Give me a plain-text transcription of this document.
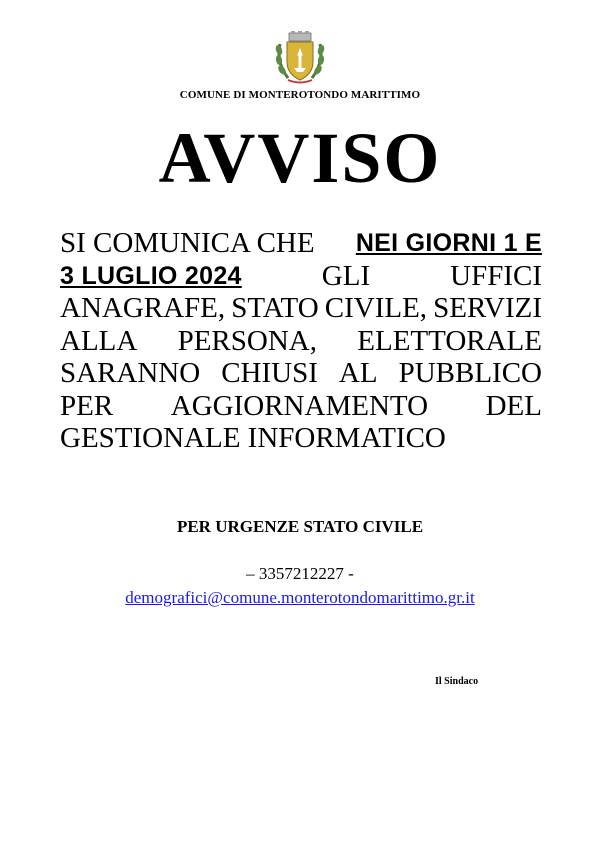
COMUNE DI MONTEROTONDO MARITTIMO
AVVISO
SI COMUNICA CHE NEI GIORNI 1 E
3 LUGLIO 2024	GLI	UFFICI
ANAGRAFE, STATO CIVILE, SERVIZI
ALLA PERSONA, ELETTORALE
SARANNO CHIUSI AL PUBBLICO
PER AGGIORNAMENTO DEL
GESTIONALE INFORMATICO
PER URGENZE STATO CIVILE
– 3357212227 -
demografici@comune.monterotondomarittimo.gr.it
Il Sindaco
